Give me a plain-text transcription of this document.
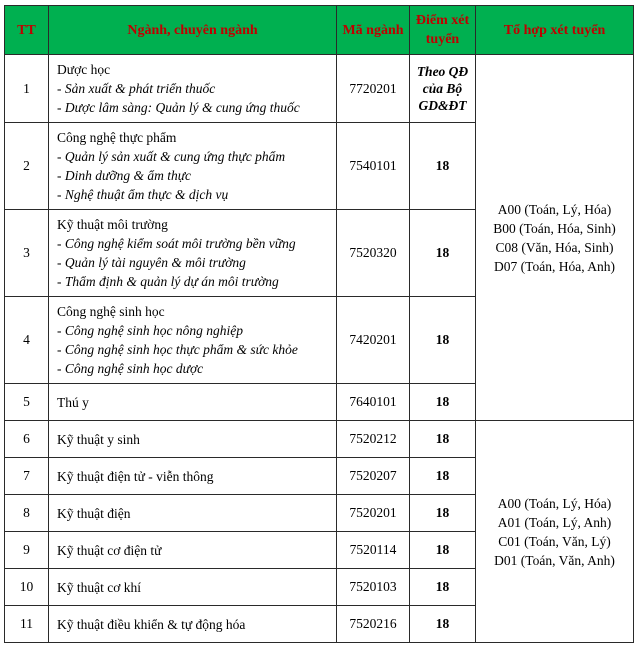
TT	Ngành, chuyên ngành	Mã ngành	Điểm xét tuyển	Tổ hợp xét tuyển
1	Dược học
- Sản xuất & phát triển thuốc
- Dược lâm sàng: Quản lý & cung ứng thuốc	7720201	Theo QĐ của Bộ GD&ĐT	A00 (Toán, Lý, Hóa)
B00 (Toán, Hóa, Sinh)
C08 (Văn, Hóa, Sinh)
D07 (Toán, Hóa, Anh)

2	Công nghệ thực phẩm
- Quản lý sản xuất & cung ứng thực phẩm
- Dinh dưỡng & ẩm thực
- Nghệ thuật ẩm thực & dịch vụ	7540101	18	
3	Kỹ thuật môi trường
- Công nghệ kiểm soát môi trường bền vững
- Quản lý tài nguyên & môi trường
- Thẩm định & quản lý dự án môi trường	7520320	18	
4	Công nghệ sinh học
- Công nghệ sinh học nông nghiệp
- Công nghệ sinh học thực phẩm & sức khỏe
- Công nghệ sinh học dược	7420201	18	
5	Thú y	7640101	18	
6	Kỹ thuật y sinh	7520212	18	A00 (Toán, Lý, Hóa)
A01 (Toán, Lý, Anh)
C01 (Toán, Văn, Lý)
D01 (Toán, Văn, Anh)

7	Kỹ thuật điện tử - viễn thông	7520207	18	
8	Kỹ thuật điện	7520201	18	
9	Kỹ thuật cơ điện tử	7520114	18	
10	Kỹ thuật cơ khí	7520103	18	
11	Kỹ thuật điều khiển & tự động hóa	7520216	18	
